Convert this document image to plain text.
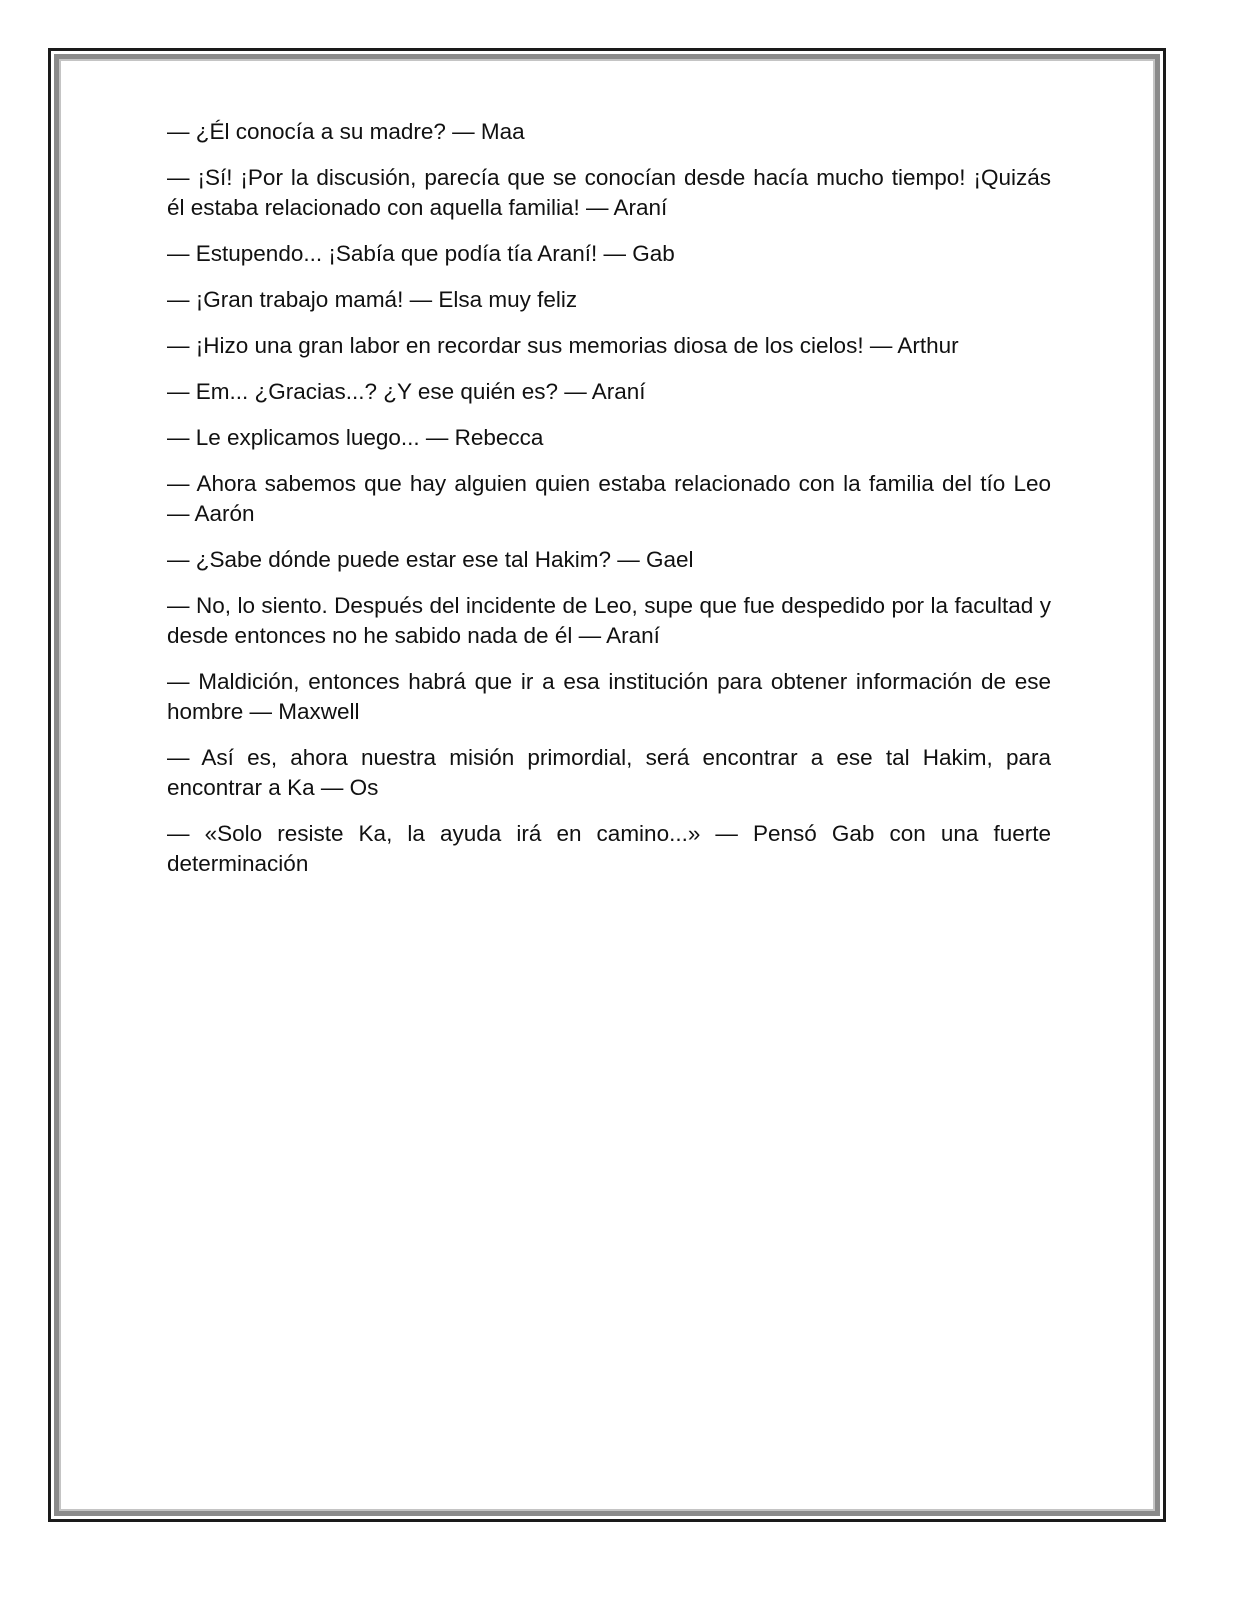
— ¿Él conocía a su madre? — Maa

— ¡Sí! ¡Por la discusión, parecía que se conocían desde hacía mucho tiempo! ¡Quizás él estaba relacionado con aquella familia! — Araní

— Estupendo... ¡Sabía que podía tía Araní! — Gab

— ¡Gran trabajo mamá! — Elsa muy feliz

— ¡Hizo una gran labor en recordar sus memorias diosa de los cielos! — Arthur

— Em... ¿Gracias...? ¿Y ese quién es? — Araní

— Le explicamos luego... — Rebecca

— Ahora sabemos que hay alguien quien estaba relacionado con la familia del tío Leo — Aarón

— ¿Sabe dónde puede estar ese tal Hakim? — Gael

— No, lo siento. Después del incidente de Leo, supe que fue despedido por la facultad y desde entonces no he sabido nada de él — Araní

— Maldición, entonces habrá que ir a esa institución para obtener información de ese hombre — Maxwell

— Así es, ahora nuestra misión primordial, será encontrar a ese tal Hakim, para encontrar a Ka — Os

— «Solo resiste Ka, la ayuda irá en camino...» — Pensó Gab con una fuerte determinación
